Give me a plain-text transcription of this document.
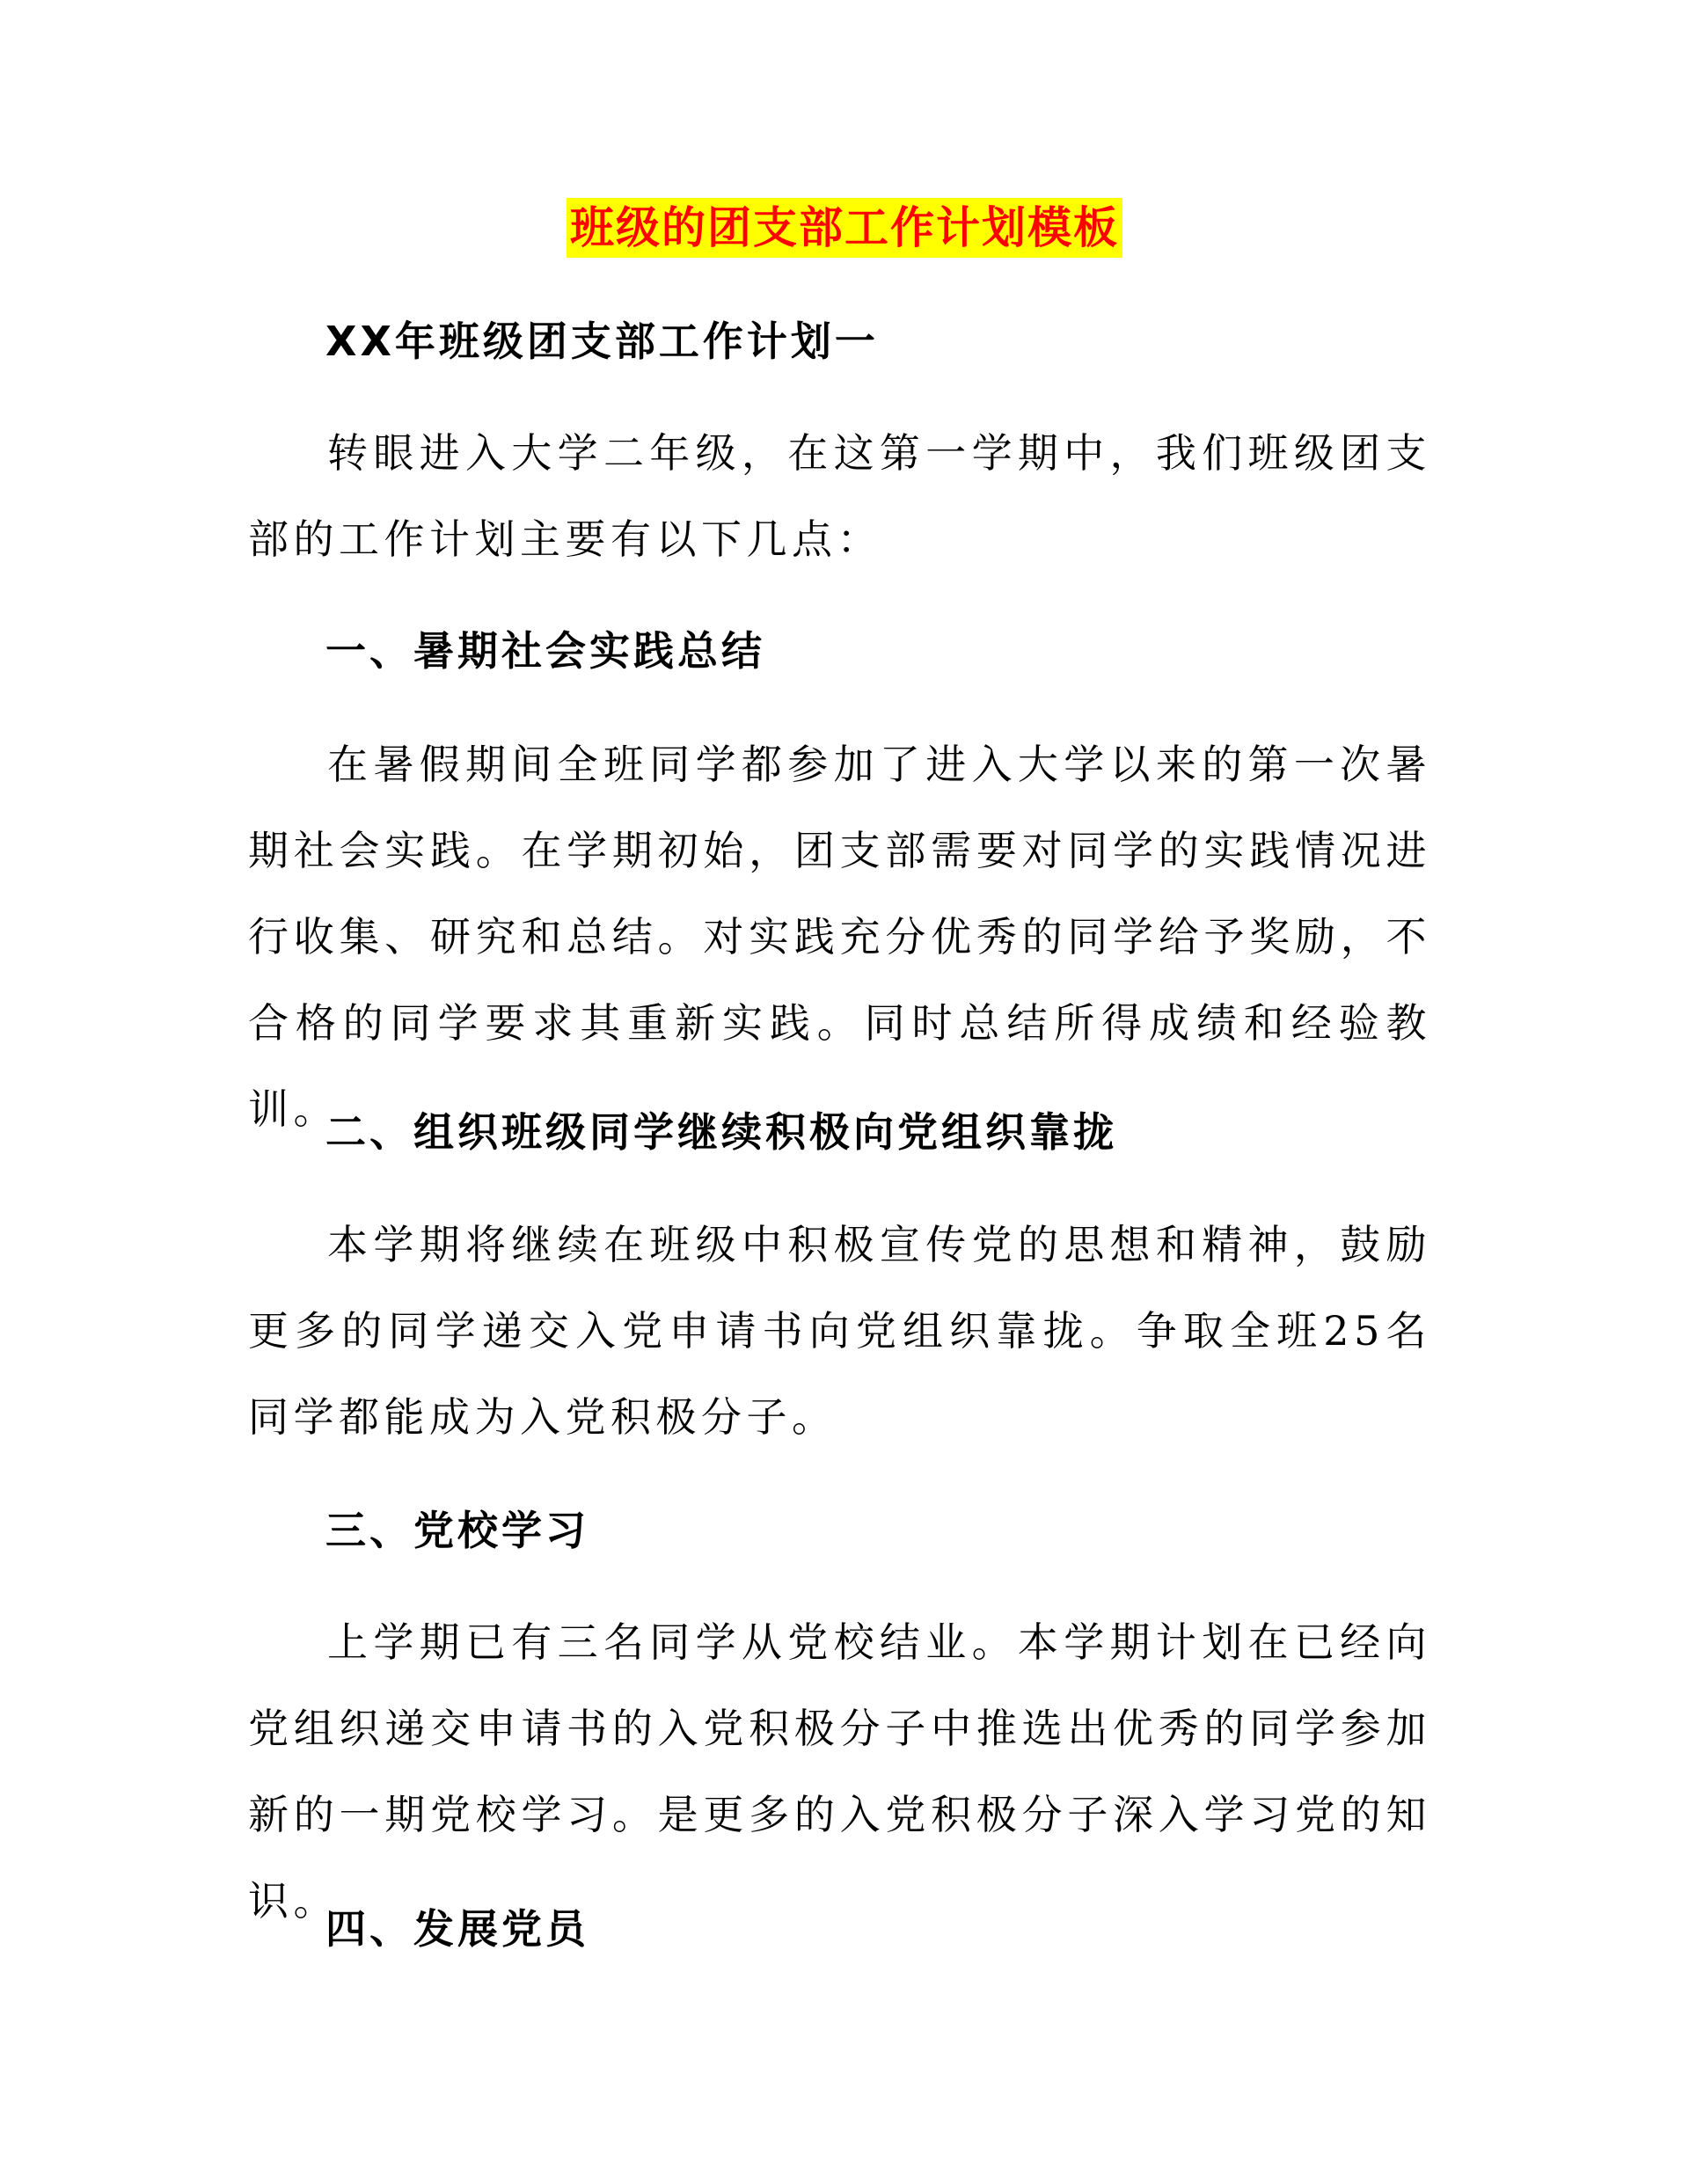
班级的团支部工作计划模板
XX年班级团支部工作计划一
转眼进入大学二年级，在这第一学期中，我们班级团支部的工作计划主要有以下几点：
一、暑期社会实践总结
在暑假期间全班同学都参加了进入大学以来的第一次暑期社会实践。在学期初始，团支部需要对同学的实践情况进行收集、研究和总结。对实践充分优秀的同学给予奖励，不合格的同学要求其重新实践。同时总结所得成绩和经验教训。
二、组织班级同学继续积极向党组织靠拢
本学期将继续在班级中积极宣传党的思想和精神，鼓励更多的同学递交入党申请书向党组织靠拢。争取全班25名同学都能成为入党积极分子。
三、党校学习
上学期已有三名同学从党校结业。本学期计划在已经向党组织递交申请书的入党积极分子中推选出优秀的同学参加新的一期党校学习。是更多的入党积极分子深入学习党的知识。
四、发展党员
